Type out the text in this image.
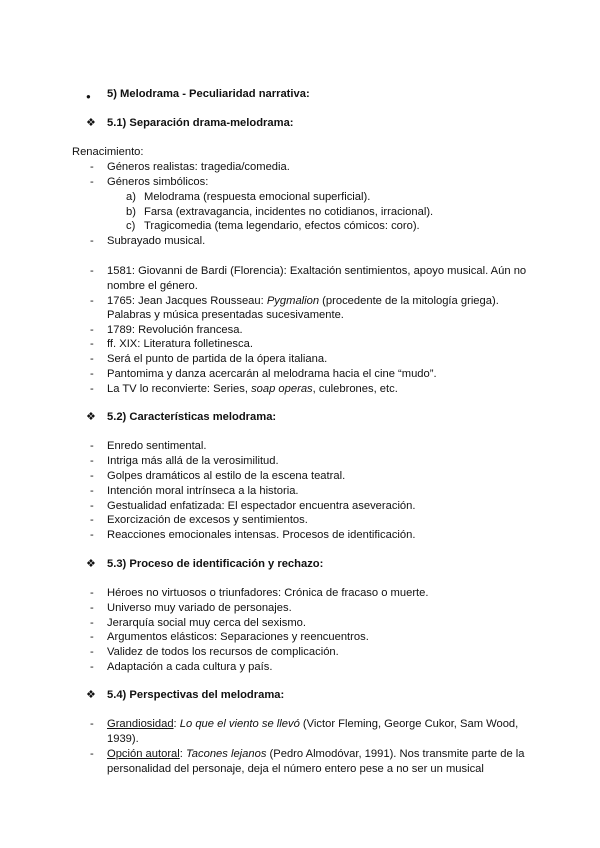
● 5) Melodrama - Peculiaridad narrativa:
❖ 5.1) Separación drama-melodrama:
Renacimiento:
- Géneros realistas: tragedia/comedia.
- Géneros simbólicos:
a) Melodrama (respuesta emocional superficial).
b) Farsa (extravagancia, incidentes no cotidianos, irracional).
c) Tragicomedia (tema legendario, efectos cómicos: coro).
- Subrayado musical.
- 1581: Giovanni de Bardi (Florencia): Exaltación sentimientos, apoyo musical. Aún no
nombre el género.
- 1765: Jean Jacques Rousseau: Pygmalion (procedente de la mitología griega).
Palabras y música presentadas sucesivamente.
- 1789: Revolución francesa.
- ff. XIX: Literatura folletinesca.
- Será el punto de partida de la ópera italiana.
- Pantomima y danza acercarán al melodrama hacia el cine “mudo”.
- La TV lo reconvierte: Series, soap operas, culebrones, etc.
❖ 5.2) Características melodrama:
- Enredo sentimental.
- Intriga más allá de la verosimilitud.
- Golpes dramáticos al estilo de la escena teatral.
- Intención moral intrínseca a la historia.
- Gestualidad enfatizada: El espectador encuentra aseveración.
- Exorcización de excesos y sentimientos.
- Reacciones emocionales intensas. Procesos de identificación.
❖ 5.3) Proceso de identificación y rechazo:
- Héroes no virtuosos o triunfadores: Crónica de fracaso o muerte.
- Universo muy variado de personajes.
- Jerarquía social muy cerca del sexismo.
- Argumentos elásticos: Separaciones y reencuentros.
- Validez de todos los recursos de complicación.
- Adaptación a cada cultura y país.
❖ 5.4) Perspectivas del melodrama:
- Grandiosidad: Lo que el viento se llevó (Victor Fleming, George Cukor, Sam Wood,
1939).
- Opción autoral: Tacones lejanos (Pedro Almodóvar, 1991). Nos transmite parte de la
personalidad del personaje, deja el número entero pese a no ser un musical
